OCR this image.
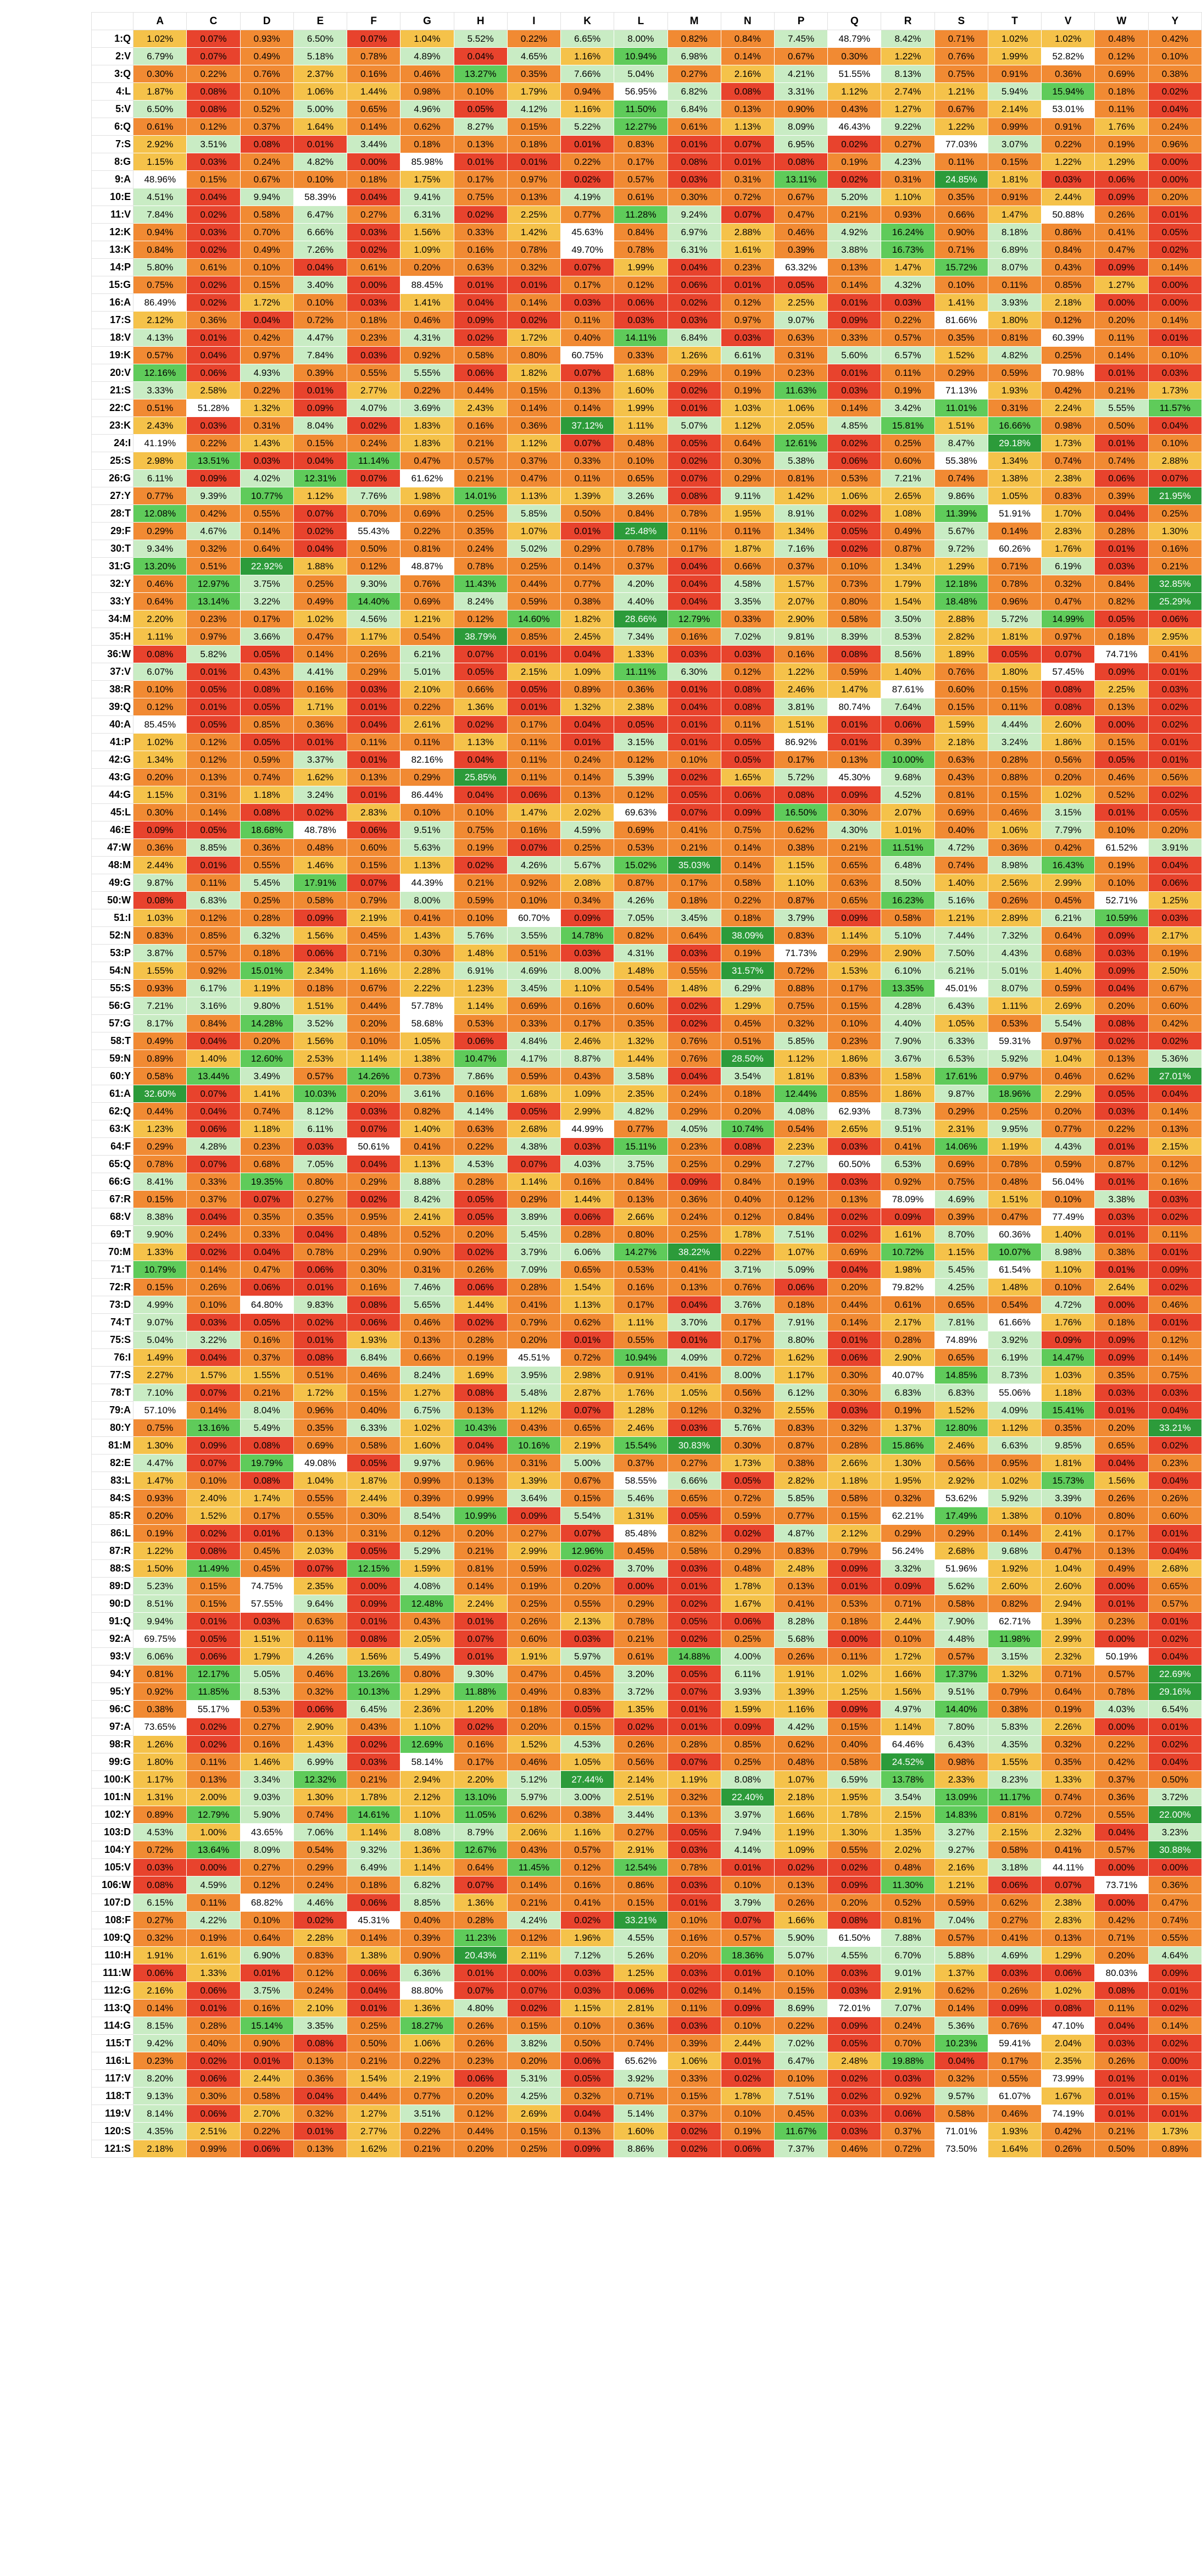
	A	C	D	E	F	G	H	I	K	L	M	N	P	Q	R	S	T	V	W	Y
1:Q	1.02%	0.07%	0.93%	6.50%	0.07%	1.04%	5.52%	0.22%	6.65%	8.00%	0.82%	0.84%	7.45%	48.79%	8.42%	0.71%	1.02%	1.02%	0.48%	0.42%
2:V	6.79%	0.07%	0.49%	5.18%	0.78%	4.89%	0.04%	4.65%	1.16%	10.94%	6.98%	0.14%	0.67%	0.30%	1.22%	0.76%	1.99%	52.82%	0.12%	0.10%
3:Q	0.30%	0.22%	0.76%	2.37%	0.16%	0.46%	13.27%	0.35%	7.66%	5.04%	0.27%	2.16%	4.21%	51.55%	8.13%	0.75%	0.91%	0.36%	0.69%	0.38%
4:L	1.87%	0.08%	0.10%	1.06%	1.44%	0.98%	0.10%	1.79%	0.94%	56.95%	6.82%	0.08%	3.31%	1.12%	2.74%	1.21%	5.94%	15.94%	0.18%	0.02%
5:V	6.50%	0.08%	0.52%	5.00%	0.65%	4.96%	0.05%	4.12%	1.16%	11.50%	6.84%	0.13%	0.90%	0.43%	1.27%	0.67%	2.14%	53.01%	0.11%	0.04%
6:Q	0.61%	0.12%	0.37%	1.64%	0.14%	0.62%	8.27%	0.15%	5.22%	12.27%	0.61%	1.13%	8.09%	46.43%	9.22%	1.22%	0.99%	0.91%	1.76%	0.24%
7:S	2.92%	3.51%	0.08%	0.01%	3.44%	0.18%	0.13%	0.18%	0.01%	0.83%	0.01%	0.07%	6.95%	0.02%	0.27%	77.03%	3.07%	0.22%	0.19%	0.96%
8:G	1.15%	0.03%	0.24%	4.82%	0.00%	85.98%	0.01%	0.01%	0.22%	0.17%	0.08%	0.01%	0.08%	0.19%	4.23%	0.11%	0.15%	1.22%	1.29%	0.00%
9:A	48.96%	0.15%	0.67%	0.10%	0.18%	1.75%	0.17%	0.97%	0.02%	0.57%	0.03%	0.31%	13.11%	0.02%	0.31%	24.85%	1.81%	0.03%	0.06%	0.00%
10:E	4.51%	0.04%	9.94%	58.39%	0.04%	9.41%	0.75%	0.13%	4.19%	0.61%	0.30%	0.72%	0.67%	5.20%	1.10%	0.35%	0.91%	2.44%	0.09%	0.20%
11:V	7.84%	0.02%	0.58%	6.47%	0.27%	6.31%	0.02%	2.25%	0.77%	11.28%	9.24%	0.07%	0.47%	0.21%	0.93%	0.66%	1.47%	50.88%	0.26%	0.01%
12:K	0.94%	0.03%	0.70%	6.66%	0.03%	1.56%	0.33%	1.42%	45.63%	0.84%	6.97%	2.88%	0.46%	4.92%	16.24%	0.90%	8.18%	0.86%	0.41%	0.05%
13:K	0.84%	0.02%	0.49%	7.26%	0.02%	1.09%	0.16%	0.78%	49.70%	0.78%	6.31%	1.61%	0.39%	3.88%	16.73%	0.71%	6.89%	0.84%	0.47%	0.02%
14:P	5.80%	0.61%	0.10%	0.04%	0.61%	0.20%	0.63%	0.32%	0.07%	1.99%	0.04%	0.23%	63.32%	0.13%	1.47%	15.72%	8.07%	0.43%	0.09%	0.14%
15:G	0.75%	0.02%	0.15%	3.40%	0.00%	88.45%	0.01%	0.01%	0.17%	0.12%	0.06%	0.01%	0.05%	0.14%	4.32%	0.10%	0.11%	0.85%	1.27%	0.00%
16:A	86.49%	0.02%	1.72%	0.10%	0.03%	1.41%	0.04%	0.14%	0.03%	0.06%	0.02%	0.12%	2.25%	0.01%	0.03%	1.41%	3.93%	2.18%	0.00%	0.00%
17:S	2.12%	0.36%	0.04%	0.72%	0.18%	0.46%	0.09%	0.02%	0.11%	0.03%	0.03%	0.97%	9.07%	0.09%	0.22%	81.66%	1.80%	0.12%	0.20%	0.14%
18:V	4.13%	0.01%	0.42%	4.47%	0.23%	4.31%	0.02%	1.72%	0.40%	14.11%	6.84%	0.03%	0.63%	0.33%	0.57%	0.35%	0.81%	60.39%	0.11%	0.01%
19:K	0.57%	0.04%	0.97%	7.84%	0.03%	0.92%	0.58%	0.80%	60.75%	0.33%	1.26%	6.61%	0.31%	5.60%	6.57%	1.52%	4.82%	0.25%	0.14%	0.10%
20:V	12.16%	0.06%	4.93%	0.39%	0.55%	5.55%	0.06%	1.82%	0.07%	1.68%	0.29%	0.19%	0.23%	0.01%	0.11%	0.29%	0.59%	70.98%	0.01%	0.03%
21:S	3.33%	2.58%	0.22%	0.01%	2.77%	0.22%	0.44%	0.15%	0.13%	1.60%	0.02%	0.19%	11.63%	0.03%	0.19%	71.13%	1.93%	0.42%	0.21%	1.73%
22:C	0.51%	51.28%	1.32%	0.09%	4.07%	3.69%	2.43%	0.14%	0.14%	1.99%	0.01%	1.03%	1.06%	0.14%	3.42%	11.01%	0.31%	2.24%	5.55%	11.57%
23:K	2.43%	0.03%	0.31%	8.04%	0.02%	1.83%	0.16%	0.36%	37.12%	1.11%	5.07%	1.12%	2.05%	4.85%	15.81%	1.51%	16.66%	0.98%	0.50%	0.04%
24:I	41.19%	0.22%	1.43%	0.15%	0.24%	1.83%	0.21%	1.12%	0.07%	0.48%	0.05%	0.64%	12.61%	0.02%	0.25%	8.47%	29.18%	1.73%	0.01%	0.10%
25:S	2.98%	13.51%	0.03%	0.04%	11.14%	0.47%	0.57%	0.37%	0.33%	0.10%	0.02%	0.30%	5.38%	0.06%	0.60%	55.38%	1.34%	0.74%	0.74%	2.88%
26:G	6.11%	0.09%	4.02%	12.31%	0.07%	61.62%	0.21%	0.47%	0.11%	0.65%	0.07%	0.29%	0.81%	0.53%	7.21%	0.74%	1.38%	2.38%	0.06%	0.07%
27:Y	0.77%	9.39%	10.77%	1.12%	7.76%	1.98%	14.01%	1.13%	1.39%	3.26%	0.08%	9.11%	1.42%	1.06%	2.65%	9.86%	1.05%	0.83%	0.39%	21.95%
28:T	12.08%	0.42%	0.55%	0.07%	0.70%	0.69%	0.25%	5.85%	0.50%	0.84%	0.78%	1.95%	8.91%	0.02%	1.08%	11.39%	51.91%	1.70%	0.04%	0.25%
29:F	0.29%	4.67%	0.14%	0.02%	55.43%	0.22%	0.35%	1.07%	0.01%	25.48%	0.11%	0.11%	1.34%	0.05%	0.49%	5.67%	0.14%	2.83%	0.28%	1.30%
30:T	9.34%	0.32%	0.64%	0.04%	0.50%	0.81%	0.24%	5.02%	0.29%	0.78%	0.17%	1.87%	7.16%	0.02%	0.87%	9.72%	60.26%	1.76%	0.01%	0.16%
31:G	13.20%	0.51%	22.92%	1.88%	0.12%	48.87%	0.78%	0.25%	0.14%	0.37%	0.04%	0.66%	0.37%	0.10%	1.34%	1.29%	0.71%	6.19%	0.03%	0.21%
32:Y	0.46%	12.97%	3.75%	0.25%	9.30%	0.76%	11.43%	0.44%	0.77%	4.20%	0.04%	4.58%	1.57%	0.73%	1.79%	12.18%	0.78%	0.32%	0.84%	32.85%
33:Y	0.64%	13.14%	3.22%	0.49%	14.40%	0.69%	8.24%	0.59%	0.38%	4.40%	0.04%	3.35%	2.07%	0.80%	1.54%	18.48%	0.96%	0.47%	0.82%	25.29%
34:M	2.20%	0.23%	0.17%	1.02%	4.56%	1.21%	0.12%	14.60%	1.82%	28.66%	12.79%	0.33%	2.90%	0.58%	3.50%	2.88%	5.72%	14.99%	0.05%	0.06%
35:H	1.11%	0.97%	3.66%	0.47%	1.17%	0.54%	38.79%	0.85%	2.45%	7.34%	0.16%	7.02%	9.81%	8.39%	8.53%	2.82%	1.81%	0.97%	0.18%	2.95%
36:W	0.08%	5.82%	0.05%	0.14%	0.26%	6.21%	0.07%	0.01%	0.04%	1.33%	0.03%	0.03%	0.16%	0.08%	8.56%	1.89%	0.05%	0.07%	74.71%	0.41%
37:V	6.07%	0.01%	0.43%	4.41%	0.29%	5.01%	0.05%	2.15%	1.09%	11.11%	6.30%	0.12%	1.22%	0.59%	1.40%	0.76%	1.80%	57.45%	0.09%	0.01%
38:R	0.10%	0.05%	0.08%	0.16%	0.03%	2.10%	0.66%	0.05%	0.89%	0.36%	0.01%	0.08%	2.46%	1.47%	87.61%	0.60%	0.15%	0.08%	2.25%	0.03%
39:Q	0.12%	0.01%	0.05%	1.71%	0.01%	0.22%	1.36%	0.01%	1.32%	2.38%	0.04%	0.08%	3.81%	80.74%	7.64%	0.15%	0.11%	0.08%	0.13%	0.02%
40:A	85.45%	0.05%	0.85%	0.36%	0.04%	2.61%	0.02%	0.17%	0.04%	0.05%	0.01%	0.11%	1.51%	0.01%	0.06%	1.59%	4.44%	2.60%	0.00%	0.02%
41:P	1.02%	0.12%	0.05%	0.01%	0.11%	0.11%	1.13%	0.11%	0.01%	3.15%	0.01%	0.05%	86.92%	0.01%	0.39%	2.18%	3.24%	1.86%	0.15%	0.01%
42:G	1.34%	0.12%	0.59%	3.37%	0.01%	82.16%	0.04%	0.11%	0.24%	0.12%	0.10%	0.05%	0.17%	0.13%	10.00%	0.63%	0.28%	0.56%	0.05%	0.01%
43:G	0.20%	0.13%	0.74%	1.62%	0.13%	0.29%	25.85%	0.11%	0.14%	5.39%	0.02%	1.65%	5.72%	45.30%	9.68%	0.43%	0.88%	0.20%	0.46%	0.56%
44:G	1.15%	0.31%	1.18%	3.24%	0.01%	86.44%	0.04%	0.06%	0.13%	0.12%	0.05%	0.06%	0.08%	0.09%	4.52%	0.81%	0.15%	1.02%	0.52%	0.02%
45:L	0.30%	0.14%	0.08%	0.02%	2.83%	0.10%	0.10%	1.47%	2.02%	69.63%	0.07%	0.09%	16.50%	0.30%	2.07%	0.69%	0.46%	3.15%	0.01%	0.05%
46:E	0.09%	0.05%	18.68%	48.78%	0.06%	9.51%	0.75%	0.16%	4.59%	0.69%	0.41%	0.75%	0.62%	4.30%	1.01%	0.40%	1.06%	7.79%	0.10%	0.20%
47:W	0.36%	8.85%	0.36%	0.48%	0.60%	5.63%	0.19%	0.07%	0.25%	0.53%	0.21%	0.14%	0.38%	0.21%	11.51%	4.72%	0.36%	0.42%	61.52%	3.91%
48:M	2.44%	0.01%	0.55%	1.46%	0.15%	1.13%	0.02%	4.26%	5.67%	15.02%	35.03%	0.14%	1.15%	0.65%	6.48%	0.74%	8.98%	16.43%	0.19%	0.04%
49:G	9.87%	0.11%	5.45%	17.91%	0.07%	44.39%	0.21%	0.92%	2.08%	0.87%	0.17%	0.58%	1.10%	0.63%	8.50%	1.40%	2.56%	2.99%	0.10%	0.06%
50:W	0.08%	6.83%	0.25%	0.58%	0.79%	8.00%	0.59%	0.10%	0.34%	4.26%	0.18%	0.22%	0.87%	0.65%	16.23%	5.16%	0.26%	0.45%	52.71%	1.25%
51:I	1.03%	0.12%	0.28%	0.09%	2.19%	0.41%	0.10%	60.70%	0.09%	7.05%	3.45%	0.18%	3.79%	0.09%	0.58%	1.21%	2.89%	6.21%	10.59%	0.03%
52:N	0.83%	0.85%	6.32%	1.56%	0.45%	1.43%	5.76%	3.55%	14.78%	0.82%	0.64%	38.09%	0.83%	1.14%	5.10%	7.44%	7.32%	0.64%	0.09%	2.17%
53:P	3.87%	0.57%	0.18%	0.06%	0.71%	0.30%	1.48%	0.51%	0.03%	4.31%	0.03%	0.19%	71.73%	0.29%	2.90%	7.50%	4.43%	0.68%	0.03%	0.19%
54:N	1.55%	0.92%	15.01%	2.34%	1.16%	2.28%	6.91%	4.69%	8.00%	1.48%	0.55%	31.57%	0.72%	1.53%	6.10%	6.21%	5.01%	1.40%	0.09%	2.50%
55:S	0.93%	6.17%	1.19%	0.18%	0.67%	2.22%	1.23%	3.45%	1.10%	0.54%	1.48%	6.29%	0.88%	0.17%	13.35%	45.01%	8.07%	0.59%	0.04%	0.67%
56:G	7.21%	3.16%	9.80%	1.51%	0.44%	57.78%	1.14%	0.69%	0.16%	0.60%	0.02%	1.29%	0.75%	0.15%	4.28%	6.43%	1.11%	2.69%	0.20%	0.60%
57:G	8.17%	0.84%	14.28%	3.52%	0.20%	58.68%	0.53%	0.33%	0.17%	0.35%	0.02%	0.45%	0.32%	0.10%	4.40%	1.05%	0.53%	5.54%	0.08%	0.42%
58:T	0.49%	0.04%	0.20%	1.56%	0.10%	1.05%	0.06%	4.84%	2.46%	1.32%	0.76%	0.51%	5.85%	0.23%	7.90%	6.33%	59.31%	0.97%	0.02%	0.02%
59:N	0.89%	1.40%	12.60%	2.53%	1.14%	1.38%	10.47%	4.17%	8.87%	1.44%	0.76%	28.50%	1.12%	1.86%	3.67%	6.53%	5.92%	1.04%	0.13%	5.36%
60:Y	0.58%	13.44%	3.49%	0.57%	14.26%	0.73%	7.86%	0.59%	0.43%	3.58%	0.04%	3.54%	1.81%	0.83%	1.58%	17.61%	0.97%	0.46%	0.62%	27.01%
61:A	32.60%	0.07%	1.41%	10.03%	0.20%	3.61%	0.16%	1.68%	1.09%	2.35%	0.24%	0.18%	12.44%	0.85%	1.86%	9.87%	18.96%	2.29%	0.05%	0.04%
62:Q	0.44%	0.04%	0.74%	8.12%	0.03%	0.82%	4.14%	0.05%	2.99%	4.82%	0.29%	0.20%	4.08%	62.93%	8.73%	0.29%	0.25%	0.20%	0.03%	0.14%
63:K	1.23%	0.06%	1.18%	6.11%	0.07%	1.40%	0.63%	2.68%	44.99%	0.77%	4.05%	10.74%	0.54%	2.65%	9.51%	2.31%	9.95%	0.77%	0.22%	0.13%
64:F	0.29%	4.28%	0.23%	0.03%	50.61%	0.41%	0.22%	4.38%	0.03%	15.11%	0.23%	0.08%	2.23%	0.03%	0.41%	14.06%	1.19%	4.43%	0.01%	2.15%
65:Q	0.78%	0.07%	0.68%	7.05%	0.04%	1.13%	4.53%	0.07%	4.03%	3.75%	0.25%	0.29%	7.27%	60.50%	6.53%	0.69%	0.78%	0.59%	0.87%	0.12%
66:G	8.41%	0.33%	19.35%	0.80%	0.29%	8.88%	0.28%	1.14%	0.16%	0.84%	0.09%	0.84%	0.19%	0.03%	0.92%	0.75%	0.48%	56.04%	0.01%	0.16%
67:R	0.15%	0.37%	0.07%	0.27%	0.02%	8.42%	0.05%	0.29%	1.44%	0.13%	0.36%	0.40%	0.12%	0.13%	78.09%	4.69%	1.51%	0.10%	3.38%	0.03%
68:V	8.38%	0.04%	0.35%	0.35%	0.95%	2.41%	0.05%	3.89%	0.06%	2.66%	0.24%	0.12%	0.84%	0.02%	0.09%	0.39%	0.47%	77.49%	0.03%	0.02%
69:T	9.90%	0.24%	0.33%	0.04%	0.48%	0.52%	0.20%	5.45%	0.28%	0.80%	0.25%	1.78%	7.51%	0.02%	1.61%	8.70%	60.36%	1.40%	0.01%	0.11%
70:M	1.33%	0.02%	0.04%	0.78%	0.29%	0.90%	0.02%	3.79%	6.06%	14.27%	38.22%	0.22%	1.07%	0.69%	10.72%	1.15%	10.07%	8.98%	0.38%	0.01%
71:T	10.79%	0.14%	0.47%	0.06%	0.30%	0.31%	0.26%	7.09%	0.65%	0.53%	0.41%	3.71%	5.09%	0.04%	1.98%	5.45%	61.54%	1.10%	0.01%	0.09%
72:R	0.15%	0.26%	0.06%	0.01%	0.16%	7.46%	0.06%	0.28%	1.54%	0.16%	0.13%	0.76%	0.06%	0.20%	79.82%	4.25%	1.48%	0.10%	2.64%	0.02%
73:D	4.99%	0.10%	64.80%	9.83%	0.08%	5.65%	1.44%	0.41%	1.13%	0.17%	0.04%	3.76%	0.18%	0.44%	0.61%	0.65%	0.54%	4.72%	0.00%	0.46%
74:T	9.07%	0.03%	0.05%	0.02%	0.06%	0.46%	0.02%	0.79%	0.62%	1.11%	3.70%	0.17%	7.91%	0.14%	2.17%	7.81%	61.66%	1.76%	0.18%	0.01%
75:S	5.04%	3.22%	0.16%	0.01%	1.93%	0.13%	0.28%	0.20%	0.01%	0.55%	0.01%	0.17%	8.80%	0.01%	0.28%	74.89%	3.92%	0.09%	0.09%	0.12%
76:I	1.49%	0.04%	0.37%	0.08%	6.84%	0.66%	0.19%	45.51%	0.72%	10.94%	4.09%	0.72%	1.62%	0.06%	2.90%	0.65%	6.19%	14.47%	0.09%	0.14%
77:S	2.27%	1.57%	1.55%	0.51%	0.46%	8.24%	1.69%	3.95%	2.98%	0.91%	0.41%	8.00%	1.17%	0.30%	40.07%	14.85%	8.73%	1.03%	0.35%	0.75%
78:T	7.10%	0.07%	0.21%	1.72%	0.15%	1.27%	0.08%	5.48%	2.87%	1.76%	1.05%	0.56%	6.12%	0.30%	6.83%	6.83%	55.06%	1.18%	0.03%	0.03%
79:A	57.10%	0.14%	8.04%	0.96%	0.40%	6.75%	0.13%	1.12%	0.07%	1.28%	0.12%	0.32%	2.55%	0.03%	0.19%	1.52%	4.09%	15.41%	0.01%	0.04%
80:Y	0.75%	13.16%	5.49%	0.35%	6.33%	1.02%	10.43%	0.43%	0.65%	2.46%	0.03%	5.76%	0.83%	0.32%	1.37%	12.80%	1.12%	0.35%	0.20%	33.21%
81:M	1.30%	0.09%	0.08%	0.69%	0.58%	1.60%	0.04%	10.16%	2.19%	15.54%	30.83%	0.30%	0.87%	0.28%	15.86%	2.46%	6.63%	9.85%	0.65%	0.02%
82:E	4.47%	0.07%	19.79%	49.08%	0.05%	9.97%	0.96%	0.31%	5.00%	0.37%	0.27%	1.73%	0.38%	2.66%	1.30%	0.56%	0.95%	1.81%	0.04%	0.23%
83:L	1.47%	0.10%	0.08%	1.04%	1.87%	0.99%	0.13%	1.39%	0.67%	58.55%	6.66%	0.05%	2.82%	1.18%	1.95%	2.92%	1.02%	15.73%	1.56%	0.04%
84:S	0.93%	2.40%	1.74%	0.55%	2.44%	0.39%	0.99%	3.64%	0.15%	5.46%	0.65%	0.72%	5.85%	0.58%	0.32%	53.62%	5.92%	3.39%	0.26%	0.26%
85:R	0.20%	1.52%	0.17%	0.55%	0.30%	8.54%	10.99%	0.09%	5.54%	1.31%	0.05%	0.59%	0.77%	0.15%	62.21%	17.49%	1.38%	0.10%	0.80%	0.60%
86:L	0.19%	0.02%	0.01%	0.13%	0.31%	0.12%	0.20%	0.27%	0.07%	85.48%	0.82%	0.02%	4.87%	2.12%	0.29%	0.29%	0.14%	2.41%	0.17%	0.01%
87:R	1.22%	0.08%	0.45%	2.03%	0.05%	5.29%	0.21%	2.99%	12.96%	0.45%	0.58%	0.29%	0.83%	0.79%	56.24%	2.68%	9.68%	0.47%	0.13%	0.04%
88:S	1.50%	11.49%	0.45%	0.07%	12.15%	1.59%	0.81%	0.59%	0.02%	3.70%	0.03%	0.48%	2.48%	0.09%	3.32%	51.96%	1.92%	1.04%	0.49%	2.68%
89:D	5.23%	0.15%	74.75%	2.35%	0.00%	4.08%	0.14%	0.19%	0.20%	0.00%	0.01%	1.78%	0.13%	0.01%	0.09%	5.62%	2.60%	2.60%	0.00%	0.65%
90:D	8.51%	0.15%	57.55%	9.64%	0.09%	12.48%	2.24%	0.25%	0.55%	0.29%	0.02%	1.67%	0.41%	0.53%	0.71%	0.58%	0.82%	2.94%	0.01%	0.57%
91:Q	9.94%	0.01%	0.03%	0.63%	0.01%	0.43%	0.01%	0.26%	2.13%	0.78%	0.05%	0.06%	8.28%	0.18%	2.44%	7.90%	62.71%	1.39%	0.23%	0.01%
92:A	69.75%	0.05%	1.51%	0.11%	0.08%	2.05%	0.07%	0.60%	0.03%	0.21%	0.02%	0.25%	5.68%	0.00%	0.10%	4.48%	11.98%	2.99%	0.00%	0.02%
93:V	6.06%	0.06%	1.79%	4.26%	1.56%	5.49%	0.01%	1.91%	5.97%	0.61%	14.88%	4.00%	0.26%	0.11%	1.72%	0.57%	3.15%	2.32%	50.19%	0.04%
94:Y	0.81%	12.17%	5.05%	0.46%	13.26%	0.80%	9.30%	0.47%	0.45%	3.20%	0.05%	6.11%	1.91%	1.02%	1.66%	17.37%	1.32%	0.71%	0.57%	22.69%
95:Y	0.92%	11.85%	8.53%	0.32%	10.13%	1.29%	11.88%	0.49%	0.83%	3.72%	0.07%	3.93%	1.39%	1.25%	1.56%	9.51%	0.79%	0.64%	0.78%	29.16%
96:C	0.38%	55.17%	0.53%	0.06%	6.45%	2.36%	1.20%	0.18%	0.05%	1.35%	0.01%	1.59%	1.16%	0.09%	4.97%	14.40%	0.38%	0.19%	4.03%	6.54%
97:A	73.65%	0.02%	0.27%	2.90%	0.43%	1.10%	0.02%	0.20%	0.15%	0.02%	0.01%	0.09%	4.42%	0.15%	1.14%	7.80%	5.83%	2.26%	0.00%	0.01%
98:R	1.26%	0.02%	0.16%	1.43%	0.02%	12.69%	0.16%	1.52%	4.53%	0.26%	0.28%	0.85%	0.62%	0.40%	64.46%	6.43%	4.35%	0.32%	0.22%	0.02%
99:G	1.80%	0.11%	1.46%	6.99%	0.03%	58.14%	0.17%	0.46%	1.05%	0.56%	0.07%	0.25%	0.48%	0.58%	24.52%	0.98%	1.55%	0.35%	0.42%	0.04%
100:K	1.17%	0.13%	3.34%	12.32%	0.21%	2.94%	2.20%	5.12%	27.44%	2.14%	1.19%	8.08%	1.07%	6.59%	13.78%	2.33%	8.23%	1.33%	0.37%	0.50%
101:N	1.31%	2.00%	9.03%	1.30%	1.78%	2.12%	13.10%	5.97%	3.00%	2.51%	0.32%	22.40%	2.18%	1.95%	3.54%	13.09%	11.17%	0.74%	0.36%	3.72%
102:Y	0.89%	12.79%	5.90%	0.74%	14.61%	1.10%	11.05%	0.62%	0.38%	3.44%	0.13%	3.97%	1.66%	1.78%	2.15%	14.83%	0.81%	0.72%	0.55%	22.00%
103:D	4.53%	1.00%	43.65%	7.06%	1.14%	8.08%	8.79%	2.06%	1.16%	0.27%	0.05%	7.94%	1.19%	1.30%	1.35%	3.27%	2.15%	2.32%	0.04%	3.23%
104:Y	0.72%	13.64%	8.09%	0.54%	9.32%	1.36%	12.67%	0.43%	0.57%	2.91%	0.03%	4.14%	1.09%	0.55%	2.02%	9.27%	0.58%	0.41%	0.57%	30.88%
105:V	0.03%	0.00%	0.27%	0.29%	6.49%	1.14%	0.64%	11.45%	0.12%	12.54%	0.78%	0.01%	0.02%	0.02%	0.48%	2.16%	3.18%	44.11%	0.00%	0.00%
106:W	0.08%	4.59%	0.12%	0.24%	0.18%	6.82%	0.07%	0.14%	0.16%	0.86%	0.03%	0.10%	0.13%	0.09%	11.30%	1.21%	0.06%	0.07%	73.71%	0.36%
107:D	6.15%	0.11%	68.82%	4.46%	0.06%	8.85%	1.36%	0.21%	0.41%	0.15%	0.01%	3.79%	0.26%	0.20%	0.52%	0.59%	0.62%	2.38%	0.00%	0.47%
108:F	0.27%	4.22%	0.10%	0.02%	45.31%	0.40%	0.28%	4.24%	0.02%	33.21%	0.10%	0.07%	1.66%	0.08%	0.81%	7.04%	0.27%	2.83%	0.42%	0.74%
109:Q	0.32%	0.19%	0.64%	2.28%	0.14%	0.39%	11.23%	0.12%	1.96%	4.55%	0.16%	0.57%	5.90%	61.50%	7.88%	0.57%	0.41%	0.13%	0.71%	0.55%
110:H	1.91%	1.61%	6.90%	0.83%	1.38%	0.90%	20.43%	2.11%	7.12%	5.26%	0.20%	18.36%	5.07%	4.55%	6.70%	5.88%	4.69%	1.29%	0.20%	4.64%
111:W	0.06%	1.33%	0.01%	0.12%	0.06%	6.36%	0.01%	0.00%	0.03%	1.25%	0.03%	0.01%	0.10%	0.03%	9.01%	1.37%	0.03%	0.06%	80.03%	0.09%
112:G	2.16%	0.06%	3.75%	0.24%	0.04%	88.80%	0.07%	0.07%	0.03%	0.06%	0.02%	0.14%	0.15%	0.03%	2.91%	0.62%	0.26%	1.02%	0.08%	0.01%
113:Q	0.14%	0.01%	0.16%	2.10%	0.01%	1.36%	4.80%	0.02%	1.15%	2.81%	0.11%	0.09%	8.69%	72.01%	7.07%	0.14%	0.09%	0.08%	0.11%	0.02%
114:G	8.15%	0.28%	15.14%	3.35%	0.25%	18.27%	0.26%	0.15%	0.10%	0.36%	0.03%	0.10%	0.22%	0.09%	0.24%	5.36%	0.76%	47.10%	0.04%	0.14%
115:T	9.42%	0.40%	0.90%	0.08%	0.50%	1.06%	0.26%	3.82%	0.50%	0.74%	0.39%	2.44%	7.02%	0.05%	0.70%	10.23%	59.41%	2.04%	0.03%	0.02%
116:L	0.23%	0.02%	0.01%	0.13%	0.21%	0.22%	0.23%	0.20%	0.06%	65.62%	1.06%	0.01%	6.47%	2.48%	19.88%	0.04%	0.17%	2.35%	0.26%	0.00%
117:V	8.20%	0.06%	2.44%	0.36%	1.54%	2.19%	0.06%	5.31%	0.05%	3.92%	0.33%	0.02%	0.10%	0.02%	0.03%	0.32%	0.55%	73.99%	0.01%	0.01%
118:T	9.13%	0.30%	0.58%	0.04%	0.44%	0.77%	0.20%	4.25%	0.32%	0.71%	0.15%	1.78%	7.51%	0.02%	0.92%	9.57%	61.07%	1.67%	0.01%	0.15%
119:V	8.14%	0.06%	2.70%	0.32%	1.27%	3.51%	0.12%	2.69%	0.04%	5.14%	0.37%	0.10%	0.45%	0.03%	0.06%	0.58%	0.46%	74.19%	0.01%	0.01%
120:S	4.35%	2.51%	0.22%	0.01%	2.77%	0.22%	0.44%	0.15%	0.13%	1.60%	0.02%	0.19%	11.67%	0.03%	0.37%	71.01%	1.93%	0.42%	0.21%	1.73%
121:S	2.18%	0.99%	0.06%	0.13%	1.62%	0.21%	0.20%	0.25%	0.09%	8.86%	0.02%	0.06%	7.37%	0.46%	0.72%	73.50%	1.64%	0.26%	0.50%	0.89%
